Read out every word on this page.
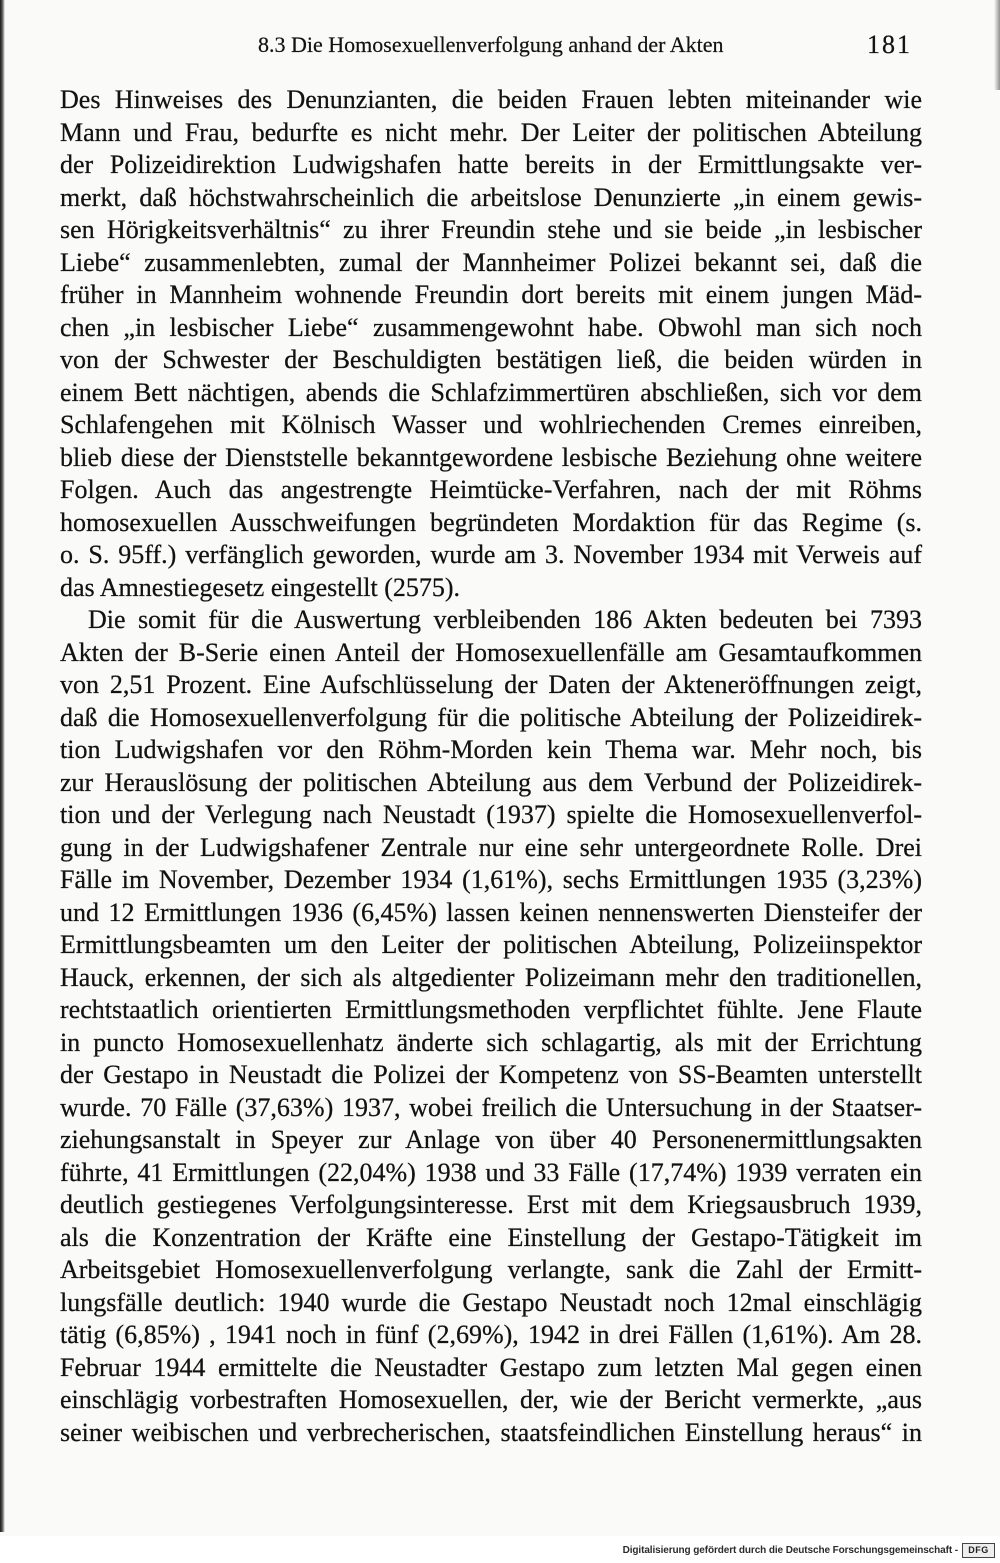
8.3 Die Homosexuellenverfolgung anhand der Akten	181
Des Hinweises des Denunzianten, die beiden Frauen lebten miteinander wie
Mann und Frau, bedurfte es nicht mehr. Der Leiter der politischen Abteilung
der Polizeidirektion Ludwigshafen hatte bereits in der Ermittlungsakte ver-
merkt, daß höchstwahrscheinlich die arbeitslose Denunzierte „in einem gewis-
sen Hörigkeitsverhältnis“ zu ihrer Freundin stehe und sie beide „in lesbischer
Liebe“ zusammenlebten, zumal der Mannheimer Polizei bekannt sei, daß die
früher in Mannheim wohnende Freundin dort bereits mit einem jungen Mäd-
chen „in lesbischer Liebe“ zusammengewohnt habe. Obwohl man sich noch
von der Schwester der Beschuldigten bestätigen ließ, die beiden würden in
einem Bett nächtigen, abends die Schlafzimmertüren abschließen, sich vor dem
Schlafengehen mit Kölnisch Wasser und wohlriechenden Cremes einreiben,
blieb diese der Dienststelle bekanntgewordene lesbische Beziehung ohne weitere
Folgen. Auch das angestrengte Heimtücke-Verfahren, nach der mit Röhms
homosexuellen Ausschweifungen begründeten Mordaktion für das Regime (s.
o. S. 95ff.) verfänglich geworden, wurde am 3. November 1934 mit Verweis auf
das Amnestiegesetz eingestellt (2575).
Die somit für die Auswertung verbleibenden 186 Akten bedeuten bei 7393
Akten der B-Serie einen Anteil der Homosexuellenfälle am Gesamtaufkommen
von 2,51 Prozent. Eine Aufschlüsselung der Daten der Akteneröffnungen zeigt,
daß die Homosexuellenverfolgung für die politische Abteilung der Polizeidirek-
tion Ludwigshafen vor den Röhm-Morden kein Thema war. Mehr noch, bis
zur Herauslösung der politischen Abteilung aus dem Verbund der Polizeidirek-
tion und der Verlegung nach Neustadt (1937) spielte die Homosexuellenverfol-
gung in der Ludwigshafener Zentrale nur eine sehr untergeordnete Rolle. Drei
Fälle im November, Dezember 1934 (1,61%), sechs Ermittlungen 1935 (3,23%)
und 12 Ermittlungen 1936 (6,45%) lassen keinen nennenswerten Diensteifer der
Ermittlungsbeamten um den Leiter der politischen Abteilung, Polizeiinspektor
Hauck, erkennen, der sich als altgedienter Polizeimann mehr den traditionellen,
rechtstaatlich orientierten Ermittlungsmethoden verpflichtet fühlte. Jene Flaute
in puncto Homosexuellenhatz änderte sich schlagartig, als mit der Errichtung
der Gestapo in Neustadt die Polizei der Kompetenz von SS-Beamten unterstellt
wurde. 70 Fälle (37,63%) 1937, wobei freilich die Untersuchung in der Staatser-
ziehungsanstalt in Speyer zur Anlage von über 40 Personenermittlungsakten
führte, 41 Ermittlungen (22,04%) 1938 und 33 Fälle (17,74%) 1939 verraten ein
deutlich gestiegenes Verfolgungsinteresse. Erst mit dem Kriegsausbruch 1939,
als die Konzentration der Kräfte eine Einstellung der Gestapo-Tätigkeit im
Arbeitsgebiet Homosexuellenverfolgung verlangte, sank die Zahl der Ermitt-
lungsfälle deutlich: 1940 wurde die Gestapo Neustadt noch 12mal einschlägig
tätig (6,85%) , 1941 noch in fünf (2,69%), 1942 in drei Fällen (1,61%). Am 28.
Februar 1944 ermittelte die Neustadter Gestapo zum letzten Mal gegen einen
einschlägig vorbestraften Homosexuellen, der, wie der Bericht vermerkte, „aus
seiner weibischen und verbrecherischen, staatsfeindlichen Einstellung heraus“ in
Digitalisierung gefördert durch die Deutsche Forschungsgemeinschaft -	DFG
